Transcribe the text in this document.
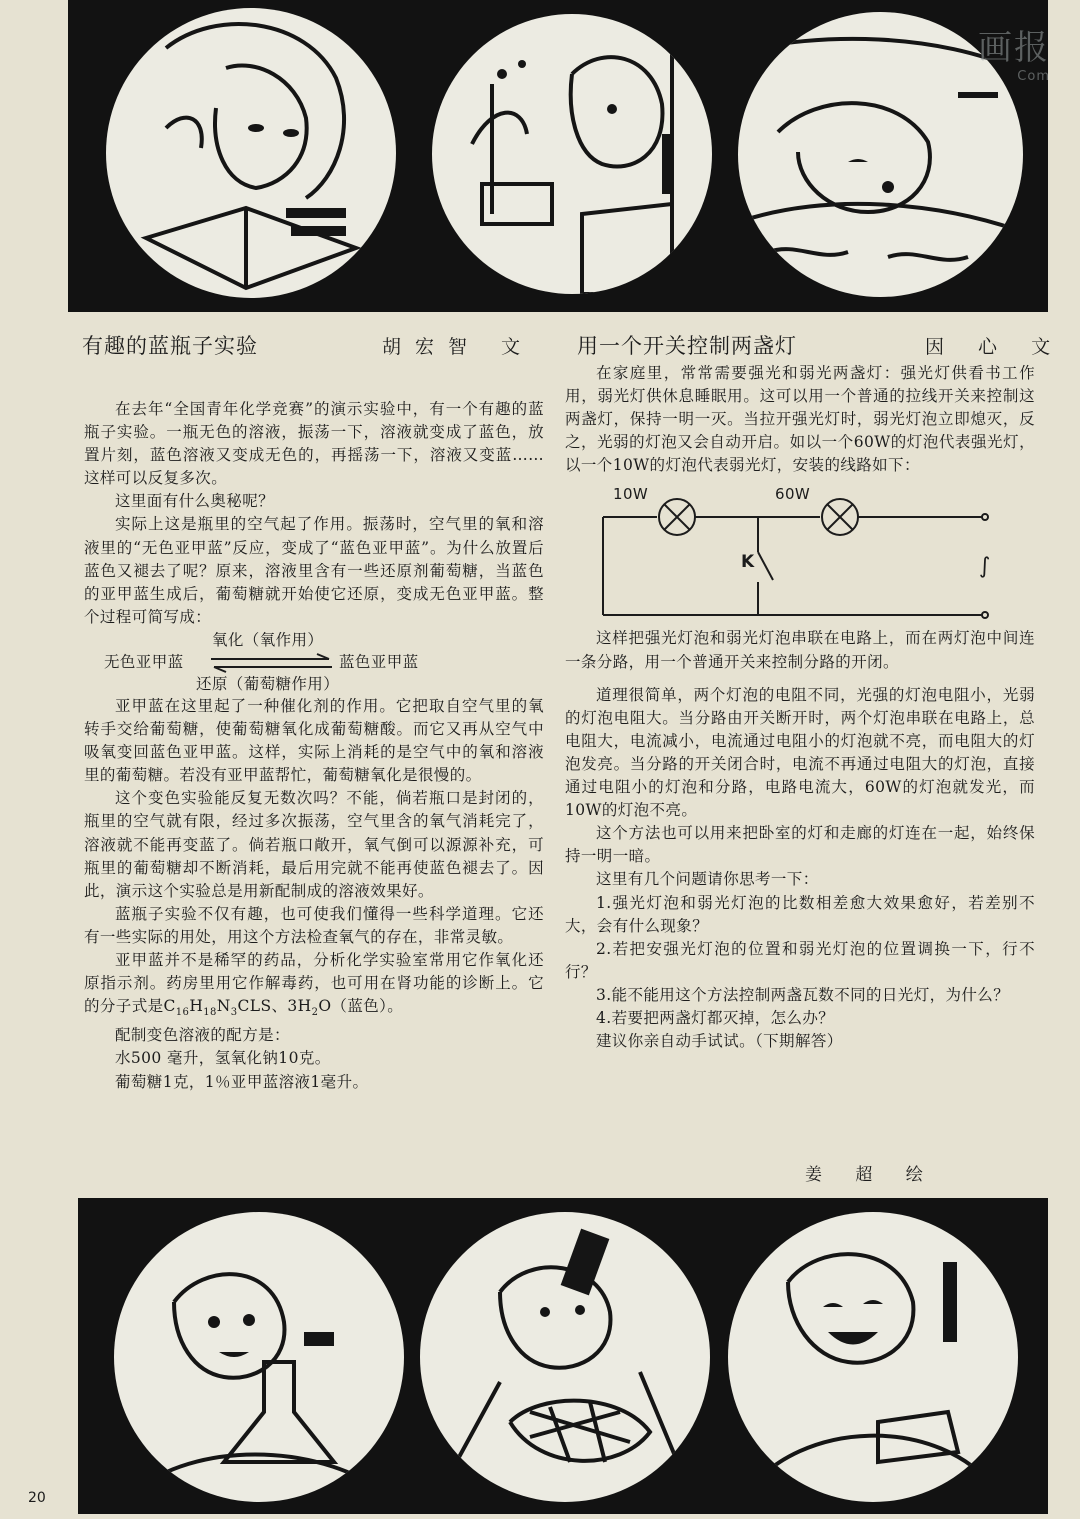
画报
Com
有趣的蓝瓶子实验	胡宏智 文 用一个开关控制两盏灯	因 心 文

在去年“全国青年化学竞赛”的演示实验中，有一个有趣的蓝瓶子实验。一瓶无色的溶液，振荡一下，溶液就变成了蓝色，放置片刻，蓝色溶液又变成无色的，再摇荡一下，溶液又变蓝……这样可以反复多次。

这里面有什么奥秘呢？

实际上这是瓶里的空气起了作用。振荡时，空气里的氧和溶液里的“无色亚甲蓝”反应，变成了“蓝色亚甲蓝”。为什么放置后蓝色又褪去了呢？原来，溶液里含有一些还原剂葡萄糖，当蓝色的亚甲蓝生成后，葡萄糖就开始使它还原，变成无色亚甲蓝。整个过程可简写成：

氧化（氧作用）
无色亚甲蓝	蓝色亚甲蓝
还原（葡萄糖作用）

亚甲蓝在这里起了一种催化剂的作用。它把取自空气里的氧转手交给葡萄糖，使葡萄糖氧化成葡萄糖酸。而它又再从空气中吸氧变回蓝色亚甲蓝。这样，实际上消耗的是空气中的氧和溶液里的葡萄糖。若没有亚甲蓝帮忙，葡萄糖氧化是很慢的。

这个变色实验能反复无数次吗？不能，倘若瓶口是封闭的，瓶里的空气就有限，经过多次振荡，空气里含的氧气消耗完了，溶液就不能再变蓝了。倘若瓶口敞开，氧气倒可以源源补充，可瓶里的葡萄糖却不断消耗，最后用完就不能再使蓝色褪去了。因此，演示这个实验总是用新配制成的溶液效果好。

蓝瓶子实验不仅有趣，也可使我们懂得一些科学道理。它还有一些实际的用处，用这个方法检查氧气的存在，非常灵敏。

亚甲蓝并不是稀罕的药品，分析化学实验室常用它作氧化还原指示剂。药房里用它作解毒药，也可用在肾功能的诊断上。它的分子式是$C_{16}H_{18}N_3CLS$、$3H_2O$（蓝色）。

配制变色溶液的配方是：

水500 毫升，氢氧化钠10克。

葡萄糖1克，1％亚甲蓝溶液1毫升。

在家庭里，常常需要强光和弱光两盏灯：强光灯供看书工作用，弱光灯供休息睡眠用。这可以用一个普通的拉线开关来控制这两盏灯，保持一明一灭。当拉开强光灯时，弱光灯泡立即熄灭，反之，光弱的灯泡又会自动开启。如以一个60W的灯泡代表强光灯，以一个10W的灯泡代表弱光灯，安装的线路如下：

10W	60W
K	∫

这样把强光灯泡和弱光灯泡串联在电路上，而在两灯泡中间连一条分路，用一个普通开关来控制分路的开闭。

道理很简单，两个灯泡的电阻不同，光强的灯泡电阻小，光弱的灯泡电阻大。当分路由开关断开时，两个灯泡串联在电路上，总电阻大，电流减小，电流通过电阻小的灯泡就不亮，而电阻大的灯泡发亮。当分路的开关闭合时，电流不再通过电阻大的灯泡，直接通过电阻小的灯泡和分路，电路电流大，60W的灯泡就发光，而10W的灯泡不亮。

这个方法也可以用来把卧室的灯和走廊的灯连在一起，始终保持一明一暗。

这里有几个问题请你思考一下：

1.强光灯泡和弱光灯泡的比数相差愈大效果愈好，若差别不大，会有什么现象？

2.若把安强光灯泡的位置和弱光灯泡的位置调换一下，行不行？

3.能不能用这个方法控制两盏瓦数不同的日光灯，为什么？

4.若要把两盏灯都灭掉，怎么办？

建议你亲自动手试试。（下期解答）

姜 超 绘
20
